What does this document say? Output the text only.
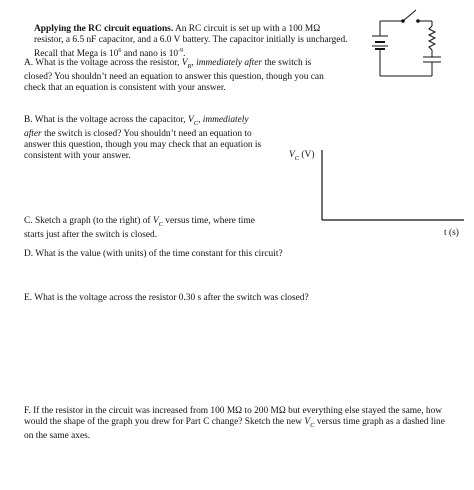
Applying the RC circuit equations. An RC circuit is set up with a 100 MΩ
resistor, a 6.5 nF capacitor, and a 6.0 V battery. The capacitor initially is uncharged.
Recall that Mega is $10^6$ and nano is $10^{-9}$.
A. What is the voltage across the resistor, $V_R$, immediately after the switch is
closed? You shouldn’t need an equation to answer this question, though you can
check that an equation is consistent with your answer.
B. What is the voltage across the capacitor, $V_C$, immediately
after the switch is closed? You shouldn’t need an equation to
answer this question, though you may check that an equation is
consistent with your answer.
C. Sketch a graph (to the right) of $V_C$ versus time, where time
starts just after the switch is closed.
D. What is the value (with units) of the time constant for this circuit?
E. What is the voltage across the resistor 0.30 s after the switch was closed?
F. If the resistor in the circuit was increased from 100 MΩ to 200 MΩ but everything else stayed the same, how
would the shape of the graph you drew for Part C change? Sketch the new $V_C$ versus time graph as a dashed line
on the same axes.
$V_C$ (V)
t (s)
